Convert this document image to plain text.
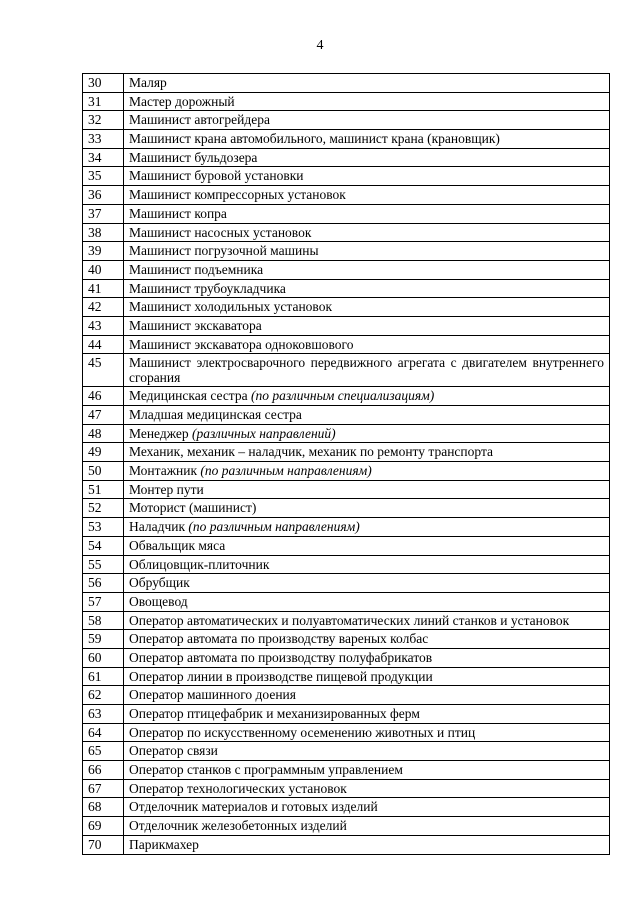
4
30	Маляр
31	Мастер дорожный
32	Машинист автогрейдера
33	Машинист крана автомобильного, машинист крана (крановщик)
34	Машинист бульдозера
35	Машинист буровой установки
36	Машинист компрессорных установок
37	Машинист копра
38	Машинист насосных установок
39	Машинист погрузочной машины
40	Машинист подъемника
41	Машинист трубоукладчика
42	Машинист холодильных установок
43	Машинист экскаватора
44	Машинист экскаватора одноковшового
45	Машинист электросварочного передвижного агрегата с двигателем внутреннего сгорания
46	Медицинская сестра (по различным специализациям)
47	Младшая медицинская сестра
48	Менеджер (различных направлений)
49	Механик, механик – наладчик, механик по ремонту транспорта
50	Монтажник (по различным направлениям)
51	Монтер пути
52	Моторист (машинист)
53	Наладчик (по различным направлениям)
54	Обвальщик мяса
55	Облицовщик-плиточник
56	Обрубщик
57	Овощевод
58	Оператор автоматических и полуавтоматических линий станков и установок
59	Оператор автомата по производству вареных колбас
60	Оператор автомата по производству полуфабрикатов
61	Оператор линии в производстве пищевой продукции
62	Оператор машинного доения
63	Оператор птицефабрик и механизированных ферм
64	Оператор по искусственному осеменению животных и птиц
65	Оператор связи
66	Оператор станков с программным управлением
67	Оператор технологических установок
68	Отделочник материалов и готовых изделий
69	Отделочник железобетонных изделий
70	Парикмахер
